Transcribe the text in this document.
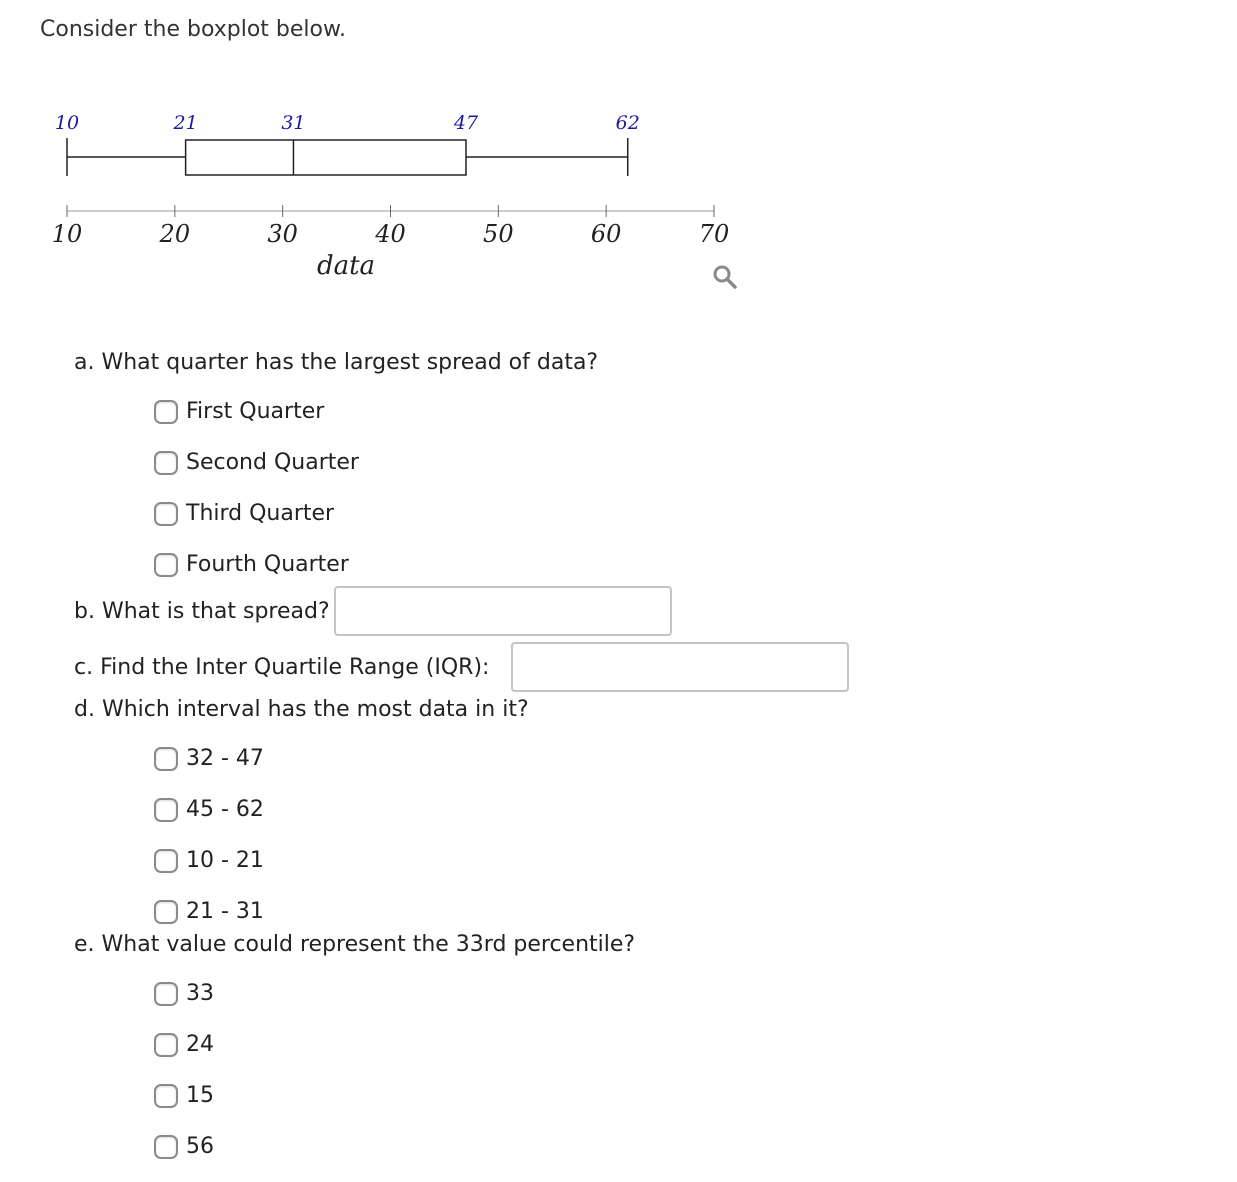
Consider the boxplot below.
10	21	31	47	62
10	20	30	40	50	60	70
data
a. What quarter has the largest spread of data?
First Quarter
Second Quarter
Third Quarter
Fourth Quarter
b. What is that spread?
c. Find the Inter Quartile Range (IQR):
d. Which interval has the most data in it?
32 - 47
45 - 62
10 - 21
21 - 31
e. What value could represent the 33rd percentile?
33
24
15
56
